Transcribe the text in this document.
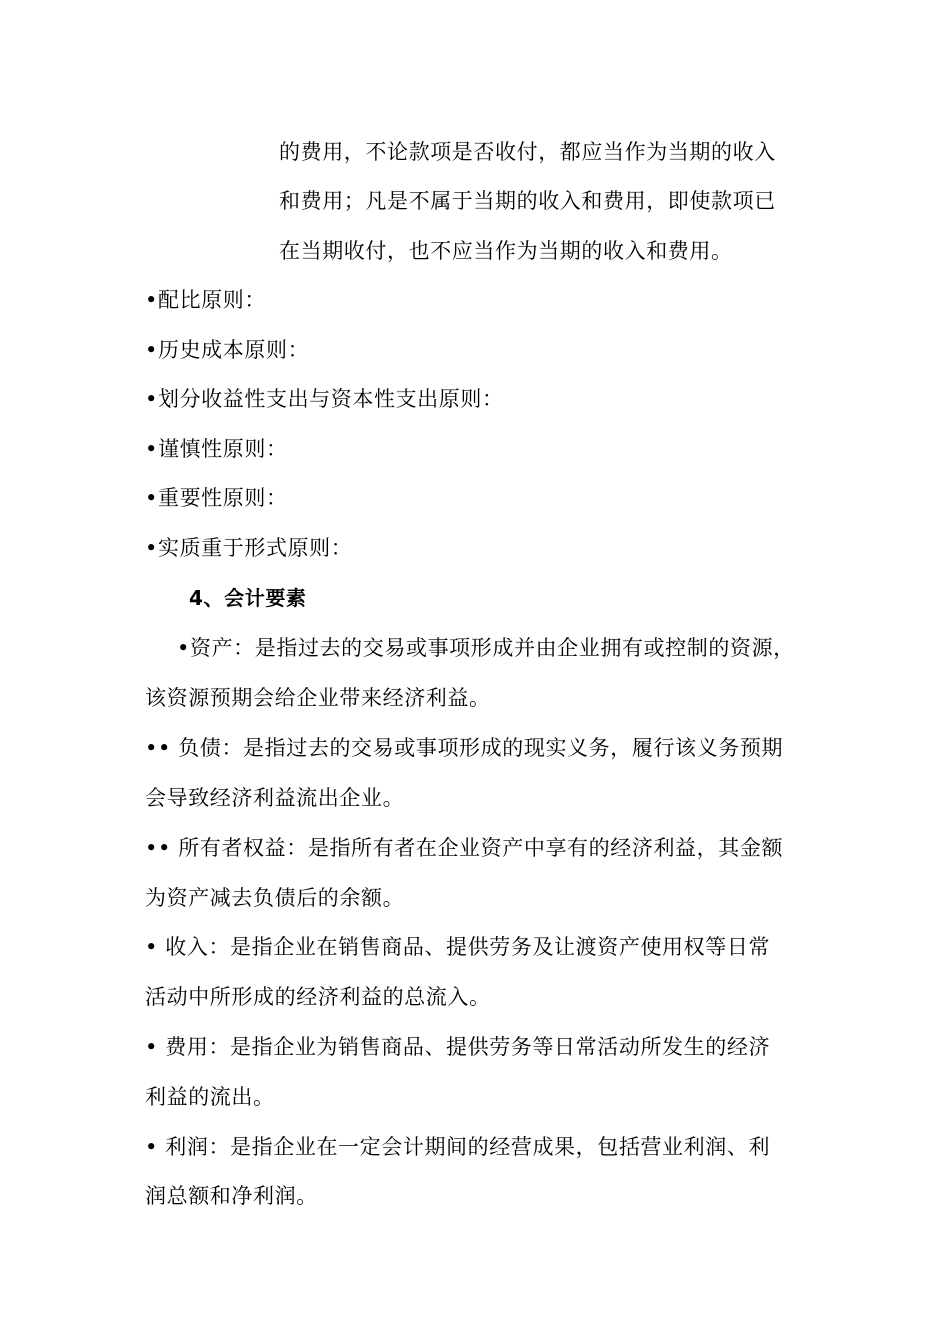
的费用，不论款项是否收付，都应当作为当期的收入
和费用；凡是不属于当期的收入和费用，即使款项已
在当期收付，也不应当作为当期的收入和费用。
•配比原则：
•历史成本原则：
•划分收益性支出与资本性支出原则：
•谨慎性原则：
•重要性原则：
•实质重于形式原则：
4、会计要素
•资产：是指过去的交易或事项形成并由企业拥有或控制的资源，
该资源预期会给企业带来经济利益。
•• 负债：是指过去的交易或事项形成的现实义务，履行该义务预期
会导致经济利益流出企业。
•• 所有者权益：是指所有者在企业资产中享有的经济利益，其金额
为资产减去负债后的余额。
• 收入：是指企业在销售商品、提供劳务及让渡资产使用权等日常
活动中所形成的经济利益的总流入。
• 费用：是指企业为销售商品、提供劳务等日常活动所发生的经济
利益的流出。
• 利润：是指企业在一定会计期间的经营成果，包括营业利润、利
润总额和净利润。
